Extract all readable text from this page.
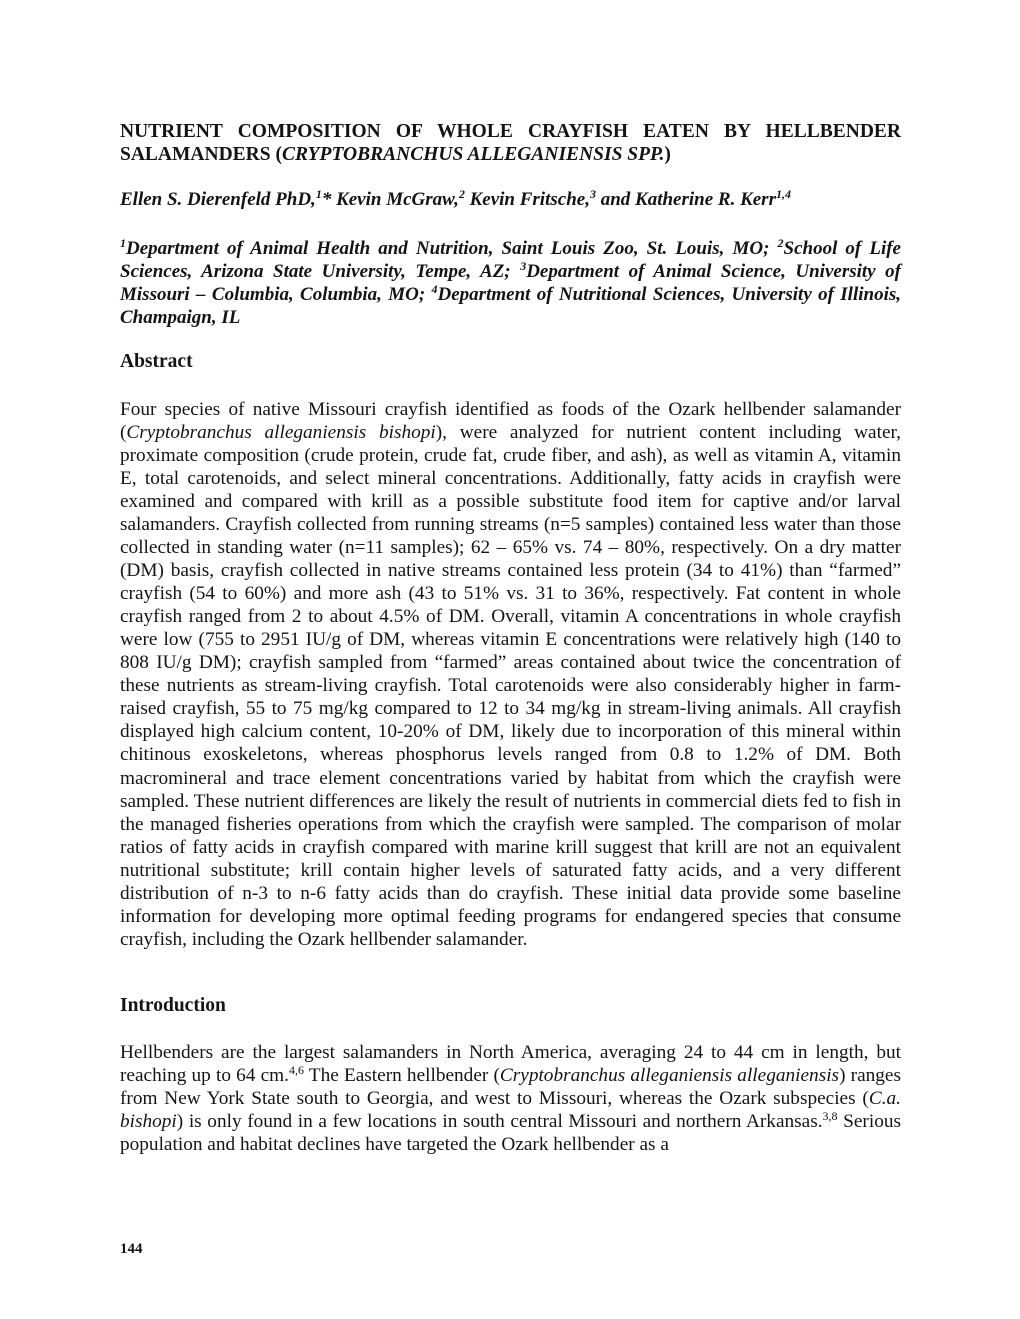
NUTRIENT COMPOSITION OF WHOLE CRAYFISH EATEN BY HELLBENDER SALAMANDERS (CRYPTOBRANCHUS ALLEGANIENSIS SPP.)
Ellen S. Dierenfeld PhD,$^1$* Kevin McGraw,$^2$ Kevin Fritsche,$^3$ and Katherine R. Kerr$^{1,4}$
$^1$Department of Animal Health and Nutrition, Saint Louis Zoo, St. Louis, MO; $^2$School of Life Sciences, Arizona State University, Tempe, AZ; $^3$Department of Animal Science, University of Missouri – Columbia, Columbia, MO; $^4$Department of Nutritional Sciences, University of Illinois, Champaign, IL
Abstract
Four species of native Missouri crayfish identified as foods of the Ozark hellbender salamander (Cryptobranchus alleganiensis bishopi), were analyzed for nutrient content including water, proximate composition (crude protein, crude fat, crude fiber, and ash), as well as vitamin A, vitamin E, total carotenoids, and select mineral concentrations. Additionally, fatty acids in crayfish were examined and compared with krill as a possible substitute food item for captive and/or larval salamanders. Crayfish collected from running streams (n=5 samples) contained less water than those collected in standing water (n=11 samples); 62 – 65% vs. 74 – 80%, respectively. On a dry matter (DM) basis, crayfish collected in native streams contained less protein (34 to 41%) than “farmed” crayfish (54 to 60%) and more ash (43 to 51% vs. 31 to 36%, respectively. Fat content in whole crayfish ranged from 2 to about 4.5% of DM. Overall, vitamin A concentrations in whole crayfish were low (755 to 2951 IU/g of DM, whereas vitamin E concentrations were relatively high (140 to 808 IU/g DM); crayfish sampled from “farmed” areas contained about twice the concentration of these nutrients as stream-living crayfish. Total carotenoids were also considerably higher in farm-raised crayfish, 55 to 75 mg/kg compared to 12 to 34 mg/kg in stream-living animals. All crayfish displayed high calcium content, 10-20% of DM, likely due to incorporation of this mineral within chitinous exoskeletons, whereas phosphorus levels ranged from 0.8 to 1.2% of DM. Both macromineral and trace element concentrations varied by habitat from which the crayfish were sampled. These nutrient differences are likely the result of nutrients in commercial diets fed to fish in the managed fisheries operations from which the crayfish were sampled. The comparison of molar ratios of fatty acids in crayfish compared with marine krill suggest that krill are not an equivalent nutritional substitute; krill contain higher levels of saturated fatty acids, and a very different distribution of n-3 to n-6 fatty acids than do crayfish. These initial data provide some baseline information for developing more optimal feeding programs for endangered species that consume crayfish, including the Ozark hellbender salamander.
Introduction
Hellbenders are the largest salamanders in North America, averaging 24 to 44 cm in length, but reaching up to 64 cm.$^{4,6}$ The Eastern hellbender (Cryptobranchus alleganiensis alleganiensis) ranges from New York State south to Georgia, and west to Missouri, whereas the Ozark subspecies (C.a. bishopi) is only found in a few locations in south central Missouri and northern Arkansas.$^{3,8}$ Serious population and habitat declines have targeted the Ozark hellbender as a
144
